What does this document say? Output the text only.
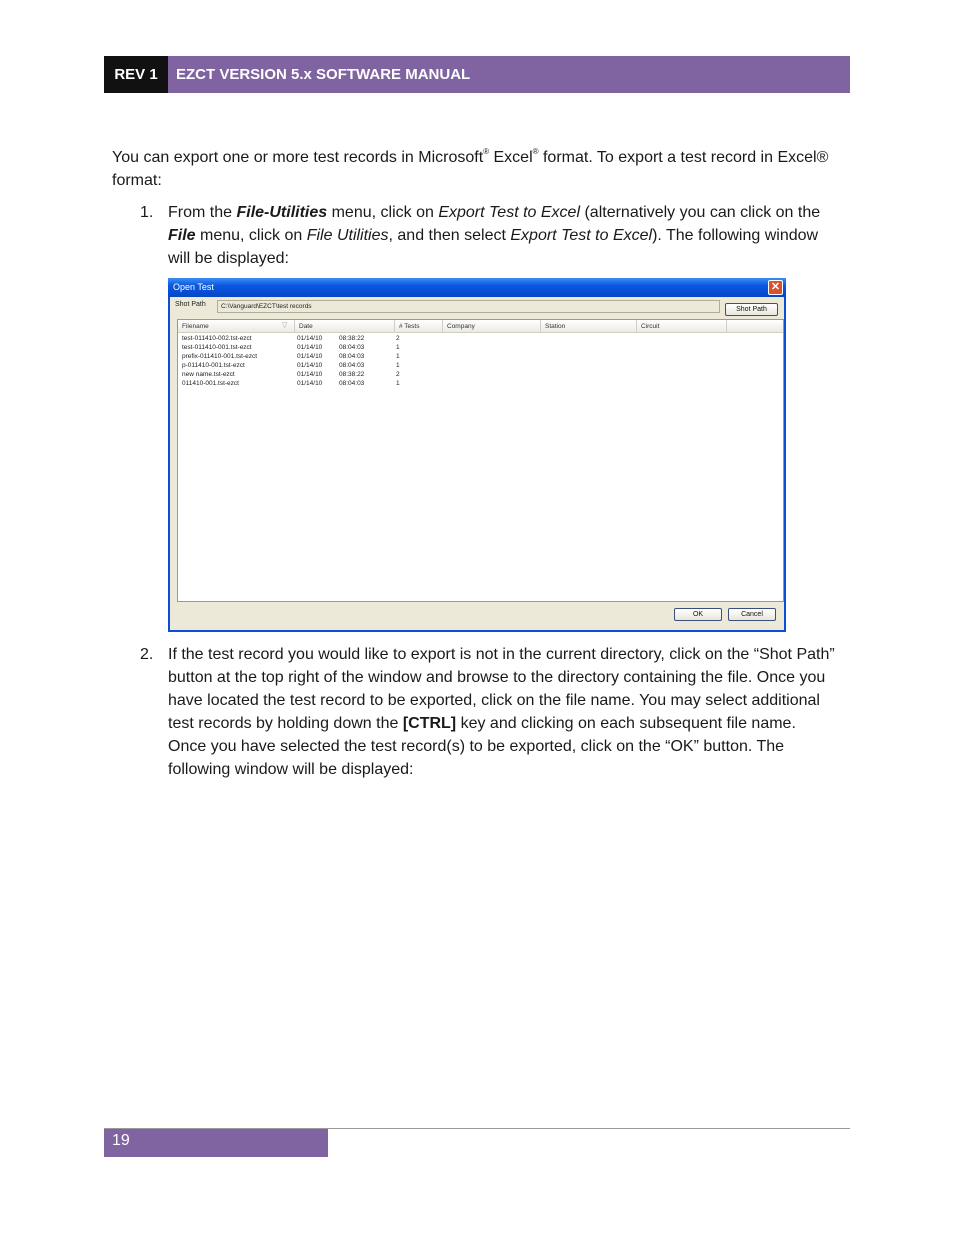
REV 1	EZCT VERSION 5.x SOFTWARE MANUAL
You can export one or more test records in Microsoft® Excel® format. To export a test record in Excel® format:
1. From the File-Utilities menu, click on Export Test to Excel (alternatively you can click on the File menu, click on File Utilities, and then select Export Test to Excel). The following window will be displayed:
Open Test	✕
Shot Path	C:\Vanguard\EZCT\test records	Shot Path
Filename	▽	Date	# Tests	Company	Station	Circuit
test-011410-002.tst-ezct	01/14/10	08:38:22	2
test-011410-001.tst-ezct	01/14/10	08:04:03	1
prefix-011410-001.tst-ezct	01/14/10	08:04:03	1
p-011410-001.tst-ezct	01/14/10	08:04:03	1
new name.tst-ezct	01/14/10	08:38:22	2
011410-001.tst-ezct	01/14/10	08:04:03	1
OK	Cancel
2. If the test record you would like to export is not in the current directory, click on the “Shot Path” button at the top right of the window and browse to the directory containing the file. Once you have located the test record to be exported, click on the file name. You may select additional test records by holding down the [CTRL] key and clicking on each subsequent file name. Once you have selected the test record(s) to be exported, click on the “OK” button. The following window will be displayed:
19
